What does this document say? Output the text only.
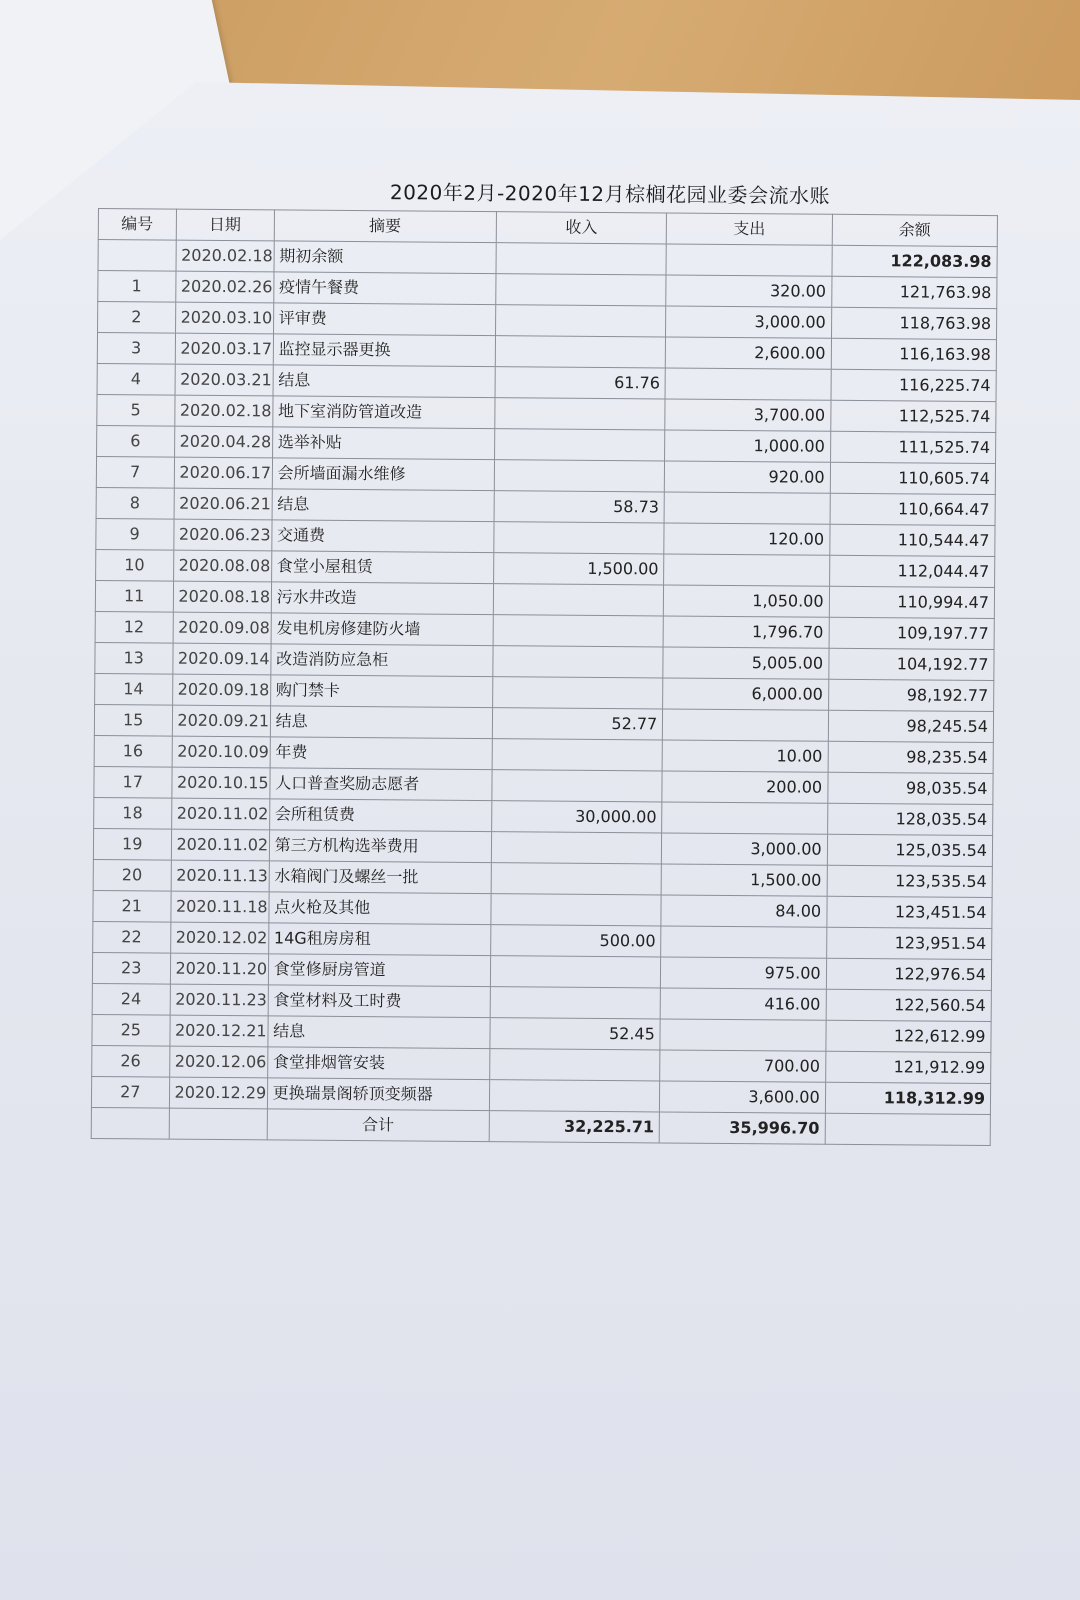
2020年2月-2020年12月棕榈花园业委会流水账
编号	日期	摘要	收入	支出	余额
	2020.02.18	期初余额			122,083.98
1	2020.02.26	疫情午餐费		320.00	121,763.98
2	2020.03.10	评审费		3,000.00	118,763.98
3	2020.03.17	监控显示器更换		2,600.00	116,163.98
4	2020.03.21	结息	61.76		116,225.74
5	2020.02.18	地下室消防管道改造		3,700.00	112,525.74
6	2020.04.28	选举补贴		1,000.00	111,525.74
7	2020.06.17	会所墙面漏水维修		920.00	110,605.74
8	2020.06.21	结息	58.73		110,664.47
9	2020.06.23	交通费		120.00	110,544.47
10	2020.08.08	食堂小屋租赁	1,500.00		112,044.47
11	2020.08.18	污水井改造		1,050.00	110,994.47
12	2020.09.08	发电机房修建防火墙		1,796.70	109,197.77
13	2020.09.14	改造消防应急柜		5,005.00	104,192.77
14	2020.09.18	购门禁卡		6,000.00	98,192.77
15	2020.09.21	结息	52.77		98,245.54
16	2020.10.09	年费		10.00	98,235.54
17	2020.10.15	人口普查奖励志愿者		200.00	98,035.54
18	2020.11.02	会所租赁费	30,000.00		128,035.54
19	2020.11.02	第三方机构选举费用		3,000.00	125,035.54
20	2020.11.13	水箱阀门及螺丝一批		1,500.00	123,535.54
21	2020.11.18	点火枪及其他		84.00	123,451.54
22	2020.12.02	14G租房房租	500.00		123,951.54
23	2020.11.20	食堂修厨房管道		975.00	122,976.54
24	2020.11.23	食堂材料及工时费		416.00	122,560.54
25	2020.12.21	结息	52.45		122,612.99
26	2020.12.06	食堂排烟管安装		700.00	121,912.99
27	2020.12.29	更换瑞景阁轿顶变频器		3,600.00	118,312.99
		合计	32,225.71	35,996.70	
